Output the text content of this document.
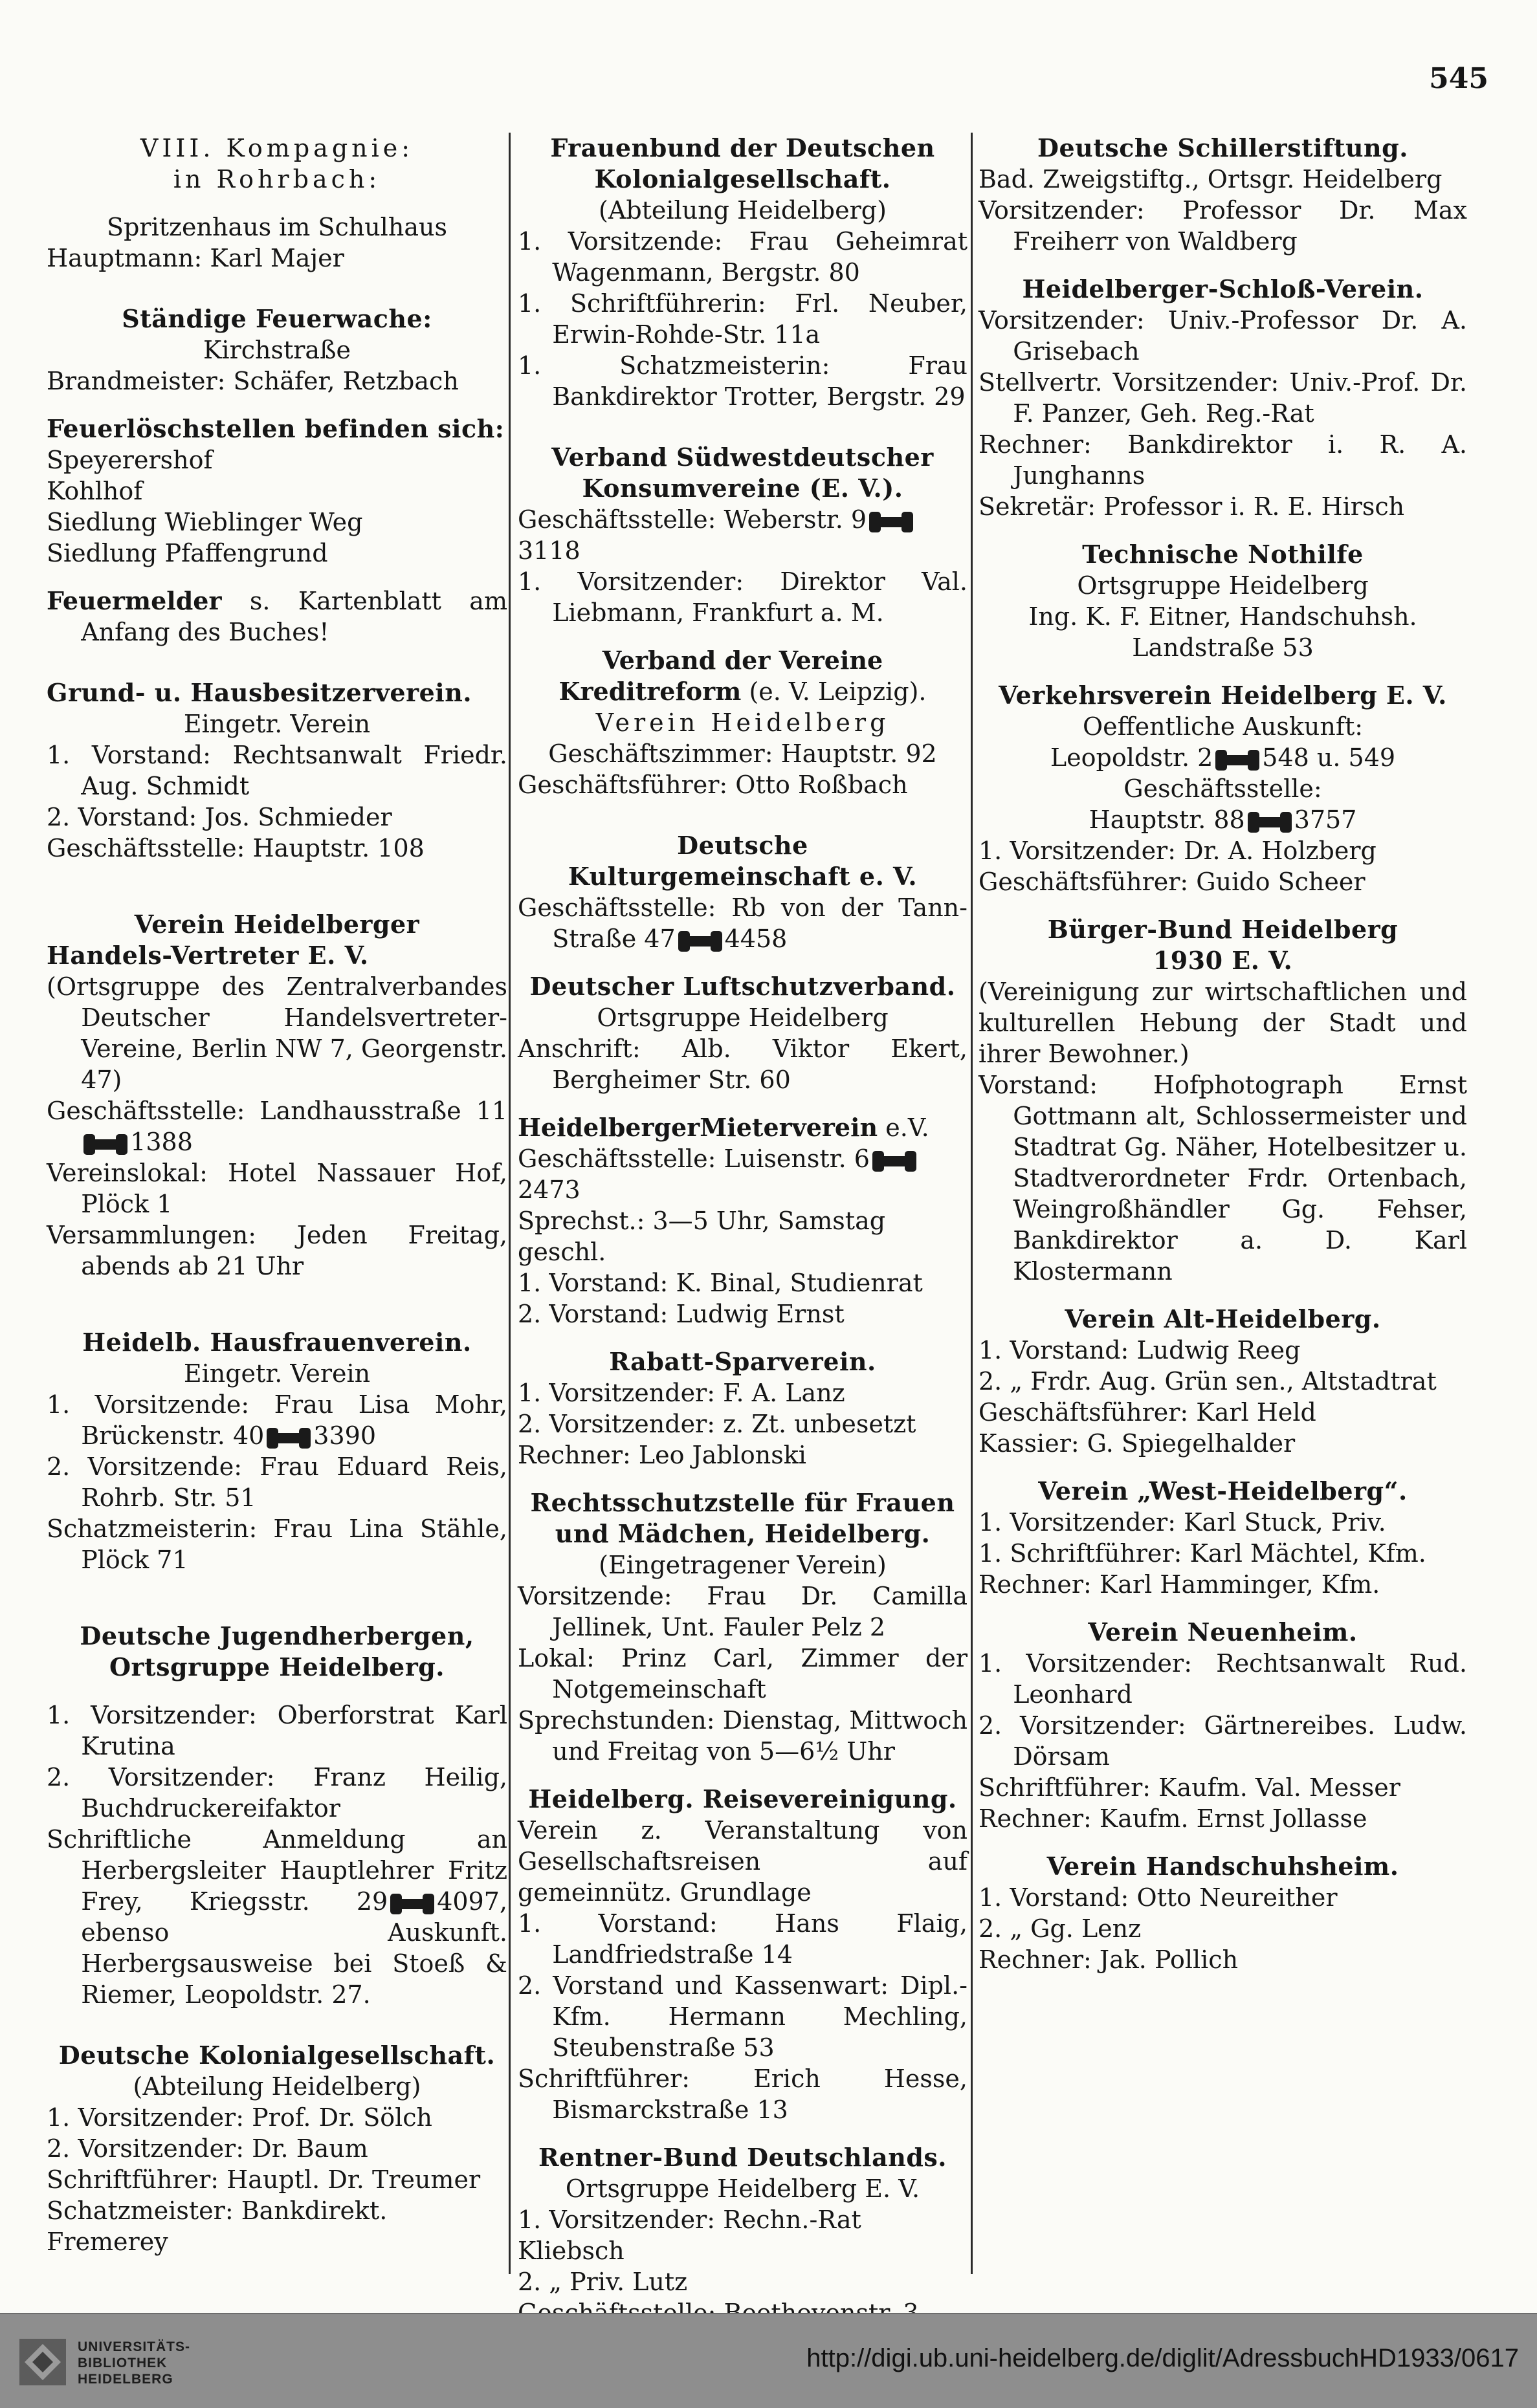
545

VIII. Kompagnie:

in Rohrbach:

Spritzenhaus im Schulhaus

Hauptmann: Karl Majer

Ständige Feuerwache:

Kirchstraße

Brandmeister: Schäfer, Retzbach

Feuerlöschstellen befinden sich:

Speyerershof

Kohlhof

Siedlung Wieblinger Weg

Siedlung Pfaffengrund

Feuermelder s. Kartenblatt am Anfang des Buches!

Grund- u. Hausbesitzerverein.

Eingetr. Verein

1. Vorstand: Rechtsanwalt Friedr. Aug. Schmidt

2. Vorstand: Jos. Schmieder

Geschäftsstelle: Hauptstr. 108

Verein Heidelberger
Handels-Vertreter E. V.

(Ortsgruppe des Zentralverbandes Deutscher Handelsvertreter-Vereine, Berlin NW 7, Georgenstr. 47)

Geschäftsstelle: Landhausstraße 11 1388

Vereinslokal: Hotel Nassauer Hof, Plöck 1

Versammlungen: Jeden Freitag, abends ab 21 Uhr

Heidelb. Hausfrauenverein.

Eingetr. Verein

1. Vorsitzende: Frau Lisa Mohr, Brückenstr. 40 3390

2. Vorsitzende: Frau Eduard Reis, Rohrb. Str. 51

Schatzmeisterin: Frau Lina Stähle, Plöck 71

Deutsche Jugendherbergen,
Ortsgruppe Heidelberg.

1. Vorsitzender: Oberforstrat Karl Krutina

2. Vorsitzender: Franz Heilig, Buchdruckereifaktor

Schriftliche Anmeldung an Herbergsleiter Hauptlehrer Fritz Frey, Kriegsstr. 29 4097, ebenso Auskunft. Herbergsausweise bei Stoeß & Riemer, Leopoldstr. 27.

Deutsche Kolonialgesellschaft.

(Abteilung Heidelberg)

1. Vorsitzender: Prof. Dr. Sölch

2. Vorsitzender: Dr. Baum

Schriftführer: Hauptl. Dr. Treumer

Schatzmeister: Bankdirekt. Fremerey

Frauenbund der Deutschen Kolonialgesellschaft.

(Abteilung Heidelberg)

1. Vorsitzende: Frau Geheimrat Wagenmann, Bergstr. 80

1. Schriftführerin: Frl. Neuber, Erwin-Rohde-Str. 11a

1. Schatzmeisterin: Frau Bankdirektor Trotter, Bergstr. 29

Verband Südwestdeutscher Konsumvereine (E. V.).

Geschäftsstelle: Weberstr. 93118

1. Vorsitzender: Direktor Val. Liebmann, Frankfurt a. M.

Verband der Vereine Kreditreform (e. V. Leipzig).

Verein Heidelberg

Geschäftszimmer: Hauptstr. 92

Geschäftsführer: Otto Roßbach

Deutsche
Kulturgemeinschaft e. V.

Geschäftsstelle: Rb von der Tann-Straße 47 4458

Deutscher Luftschutzverband.

Ortsgruppe Heidelberg

Anschrift: Alb. Viktor Ekert, Bergheimer Str. 60

HeidelbergerMieterverein e.V.

Geschäftsstelle: Luisenstr. 62473

Sprechst.: 3—5 Uhr, Samstag geschl.

1. Vorstand: K. Binal, Studienrat

2. Vorstand: Ludwig Ernst

Rabatt-Sparverein.

1. Vorsitzender: F. A. Lanz

2. Vorsitzender: z. Zt. unbesetzt

Rechner: Leo Jablonski

Rechtsschutzstelle für Frauen und Mädchen, Heidelberg.

(Eingetragener Verein)

Vorsitzende: Frau Dr. Camilla Jellinek, Unt. Fauler Pelz 2

Lokal: Prinz Carl, Zimmer der Notgemeinschaft

Sprechstunden: Dienstag, Mittwoch und Freitag von 5—6½ Uhr

Heidelberg. Reisevereinigung.

Verein z. Veranstaltung von Gesellschaftsreisen auf gemeinnütz. Grundlage

1. Vorstand: Hans Flaig, Landfriedstraße 14

2. Vorstand und Kassenwart: Dipl.-Kfm. Hermann Mechling, Steubenstraße 53

Schriftführer: Erich Hesse, Bismarckstraße 13

Rentner-Bund Deutschlands.

Ortsgruppe Heidelberg E. V.

1. Vorsitzender: Rechn.-Rat Kliebsch

2. „ Priv. Lutz

Deutsche Schillerstiftung.

Bad. Zweigstiftg., Ortsgr. Heidelberg

Vorsitzender: Professor Dr. Max Freiherr von Waldberg

Heidelberger-Schloß-Verein.

Vorsitzender: Univ.-Professor Dr. A. Grisebach

Stellvertr. Vorsitzender: Univ.-Prof. Dr. F. Panzer, Geh. Reg.-Rat

Rechner: Bankdirektor i. R. A. Junghanns

Sekretär: Professor i. R. E. Hirsch

Technische Nothilfe

Ortsgruppe Heidelberg

Ing. K. F. Eitner, Handschuhsh. Landstraße 53

Verkehrsverein Heidelberg E. V.

Oeffentliche Auskunft:

Leopoldstr. 2 548 u. 549

Geschäftsstelle:

Hauptstr. 88 3757

1. Vorsitzender: Dr. A. Holzberg

Geschäftsführer: Guido Scheer

Bürger-Bund Heidelberg
1930 E. V.

(Vereinigung zur wirtschaftlichen und kulturellen Hebung der Stadt und ihrer Bewohner.)

Vorstand: Hofphotograph Ernst Gottmann alt, Schlossermeister und Stadtrat Gg. Näher, Hotelbesitzer u. Stadtverordneter Frdr. Ortenbach, Weingroßhändler Gg. Fehser, Bankdirektor a. D. Karl Klostermann

Verein Alt-Heidelberg.

1. Vorstand: Ludwig Reeg

2. „ Frdr. Aug. Grün sen., Altstadtrat

Geschäftsführer: Karl Held

Kassier: G. Spiegelhalder

Verein „West-Heidelberg“.

1. Vorsitzender: Karl Stuck, Priv.

1. Schriftführer: Karl Mächtel, Kfm.

Rechner: Karl Hamminger, Kfm.

Verein Neuenheim.

1. Vorsitzender: Rechtsanwalt Rud. Leonhard

2. Vorsitzender: Gärtnereibes. Ludw. Dörsam

Schriftführer: Kaufm. Val. Messer

Rechner: Kaufm. Ernst Jollasse

Verein Handschuhsheim.

1. Vorstand: Otto Neureither

2. „ Gg. Lenz

Rechner: Jak. Pollich

UNIVERSITÄTS-
BIBLIOTHEK
HEIDELBERG
http://digi.ub.uni-heidelberg.de/diglit/AdressbuchHD1933/0617
